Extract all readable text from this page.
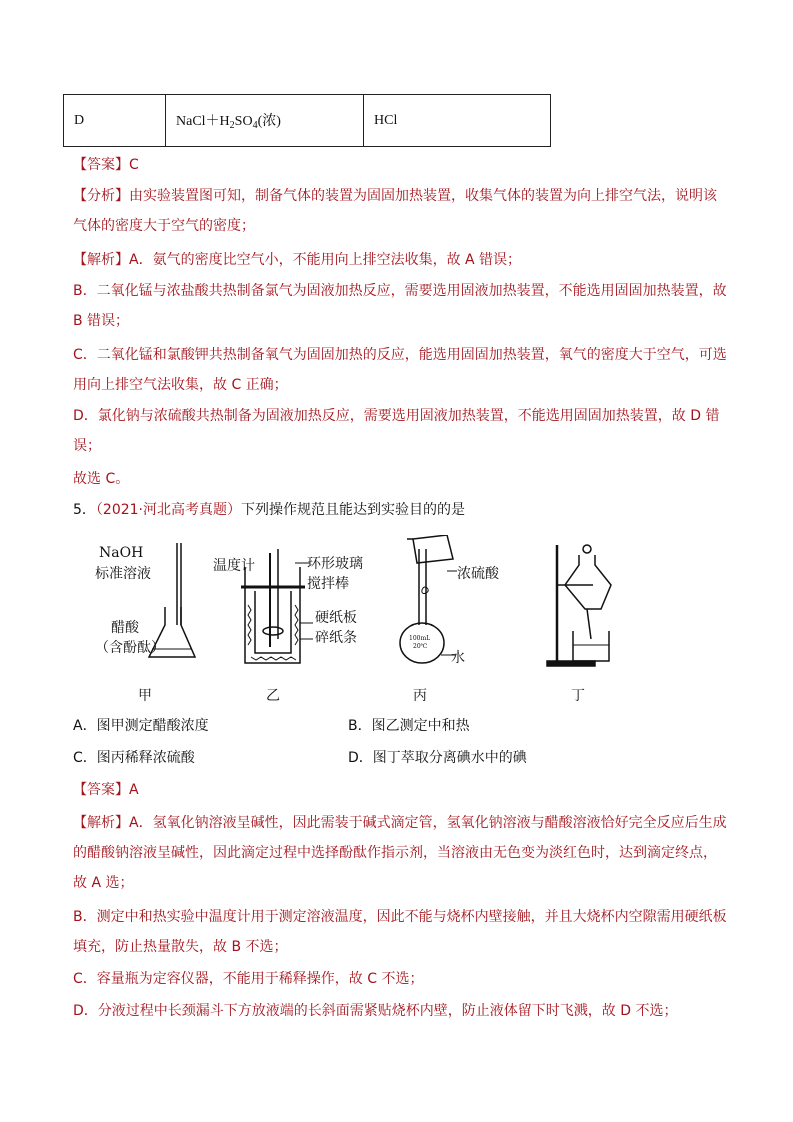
D	$NaCl+H_2SO_4$(浓)	HCl
【答案】C
【分析】由实验装置图可知，制备气体的装置为固固加热装置，收集气体的装置为向上排空气法，说明该
气体的密度大于空气的密度；
【解析】A．氨气的密度比空气小，不能用向上排空法收集，故 A 错误；
B．二氧化锰与浓盐酸共热制备氯气为固液加热反应，需要选用固液加热装置，不能选用固固加热装置，故
B 错误；
C．二氧化锰和氯酸钾共热制备氧气为固固加热的反应，能选用固固加热装置，氧气的密度大于空气，可选
用向上排空气法收集，故 C 正确；
D．氯化钠与浓硫酸共热制备为固液加热反应，需要选用固液加热装置，不能选用固固加热装置，故 D 错
误；
故选 C。
5．（2021·河北高考真题）下列操作规范且能达到实验目的的是
NaOH
标准溶液
醋酸
（含酚酞）
温度计	环形玻璃
搅拌棒
硬纸板
碎纸条
浓硫酸
水
100mL
20℃
甲	乙	丙	丁
A．图甲测定醋酸浓度	B．图乙测定中和热
C．图丙稀释浓硫酸	D．图丁萃取分离碘水中的碘
【答案】A
【解析】A．氢氧化钠溶液呈碱性，因此需装于碱式滴定管，氢氧化钠溶液与醋酸溶液恰好完全反应后生成
的醋酸钠溶液呈碱性，因此滴定过程中选择酚酞作指示剂，当溶液由无色变为淡红色时，达到滴定终点，
故 A 选；
B．测定中和热实验中温度计用于测定溶液温度，因此不能与烧杯内壁接触，并且大烧杯内空隙需用硬纸板
填充，防止热量散失，故 B 不选；
C．容量瓶为定容仪器，不能用于稀释操作，故 C 不选；
D．分液过程中长颈漏斗下方放液端的长斜面需紧贴烧杯内壁，防止液体留下时飞溅，故 D 不选；
